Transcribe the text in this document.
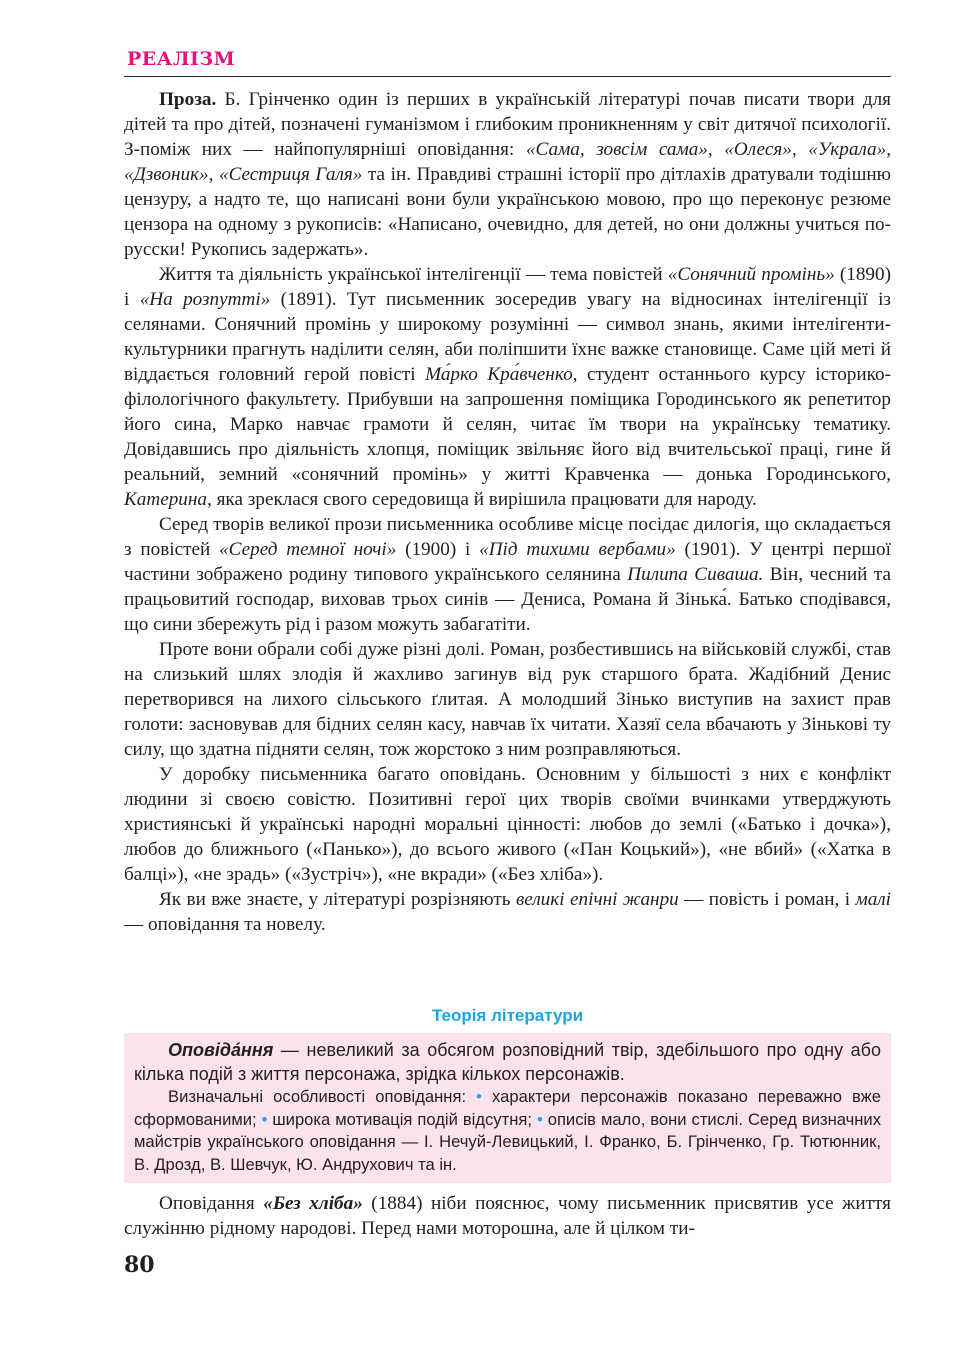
РЕАЛІЗМ

Проза. Б. Грінченко один із перших в українській літературі почав писати твори для дітей та про дітей, позначені гуманізмом і глибоким проникненням у світ дитячої психології. З-поміж них — найпопулярніші оповідання: «Сама, зовсім сама», «Олеся», «Украла», «Дзвоник», «Сестриця Галя» та ін. Правдиві страшні історії про дітлахів дратували тодішню цензуру, а надто те, що написані вони були українською мовою, про що переконує резюме цензора на одному з рукописів: «Написано, очевидно, для детей, но они должны учиться по-русски! Рукопись задержать».

Життя та діяльність української інтелігенції — тема повістей «Сонячний промінь» (1890) і «На розпутті» (1891). Тут письменник зосередив увагу на відносинах інтелігенції із селянами. Сонячний промінь у широкому розумінні — символ знань, якими інтелігенти-культурники прагнуть наділити селян, аби поліпшити їхнє важке становище. Саме цій меті й віддається головний герой повісті Ма́рко Кра́вченко, студент останнього курсу історико-філологічного факультету. Прибувши на запрошення поміщика Городинського як репетитор його сина, Марко навчає грамоти й селян, читає їм твори на українську тематику. Довідавшись про діяльність хлопця, поміщик звільняє його від вчительської праці, гине й реальний, земний «сонячний промінь» у житті Кравченка — донька Городинського, Катерина, яка зреклася свого середовища й вирішила працювати для народу.

Серед творів великої прози письменника особливе місце посідає дилогія, що складається з повістей «Серед темної ночі» (1900) і «Під тихими вербами» (1901). У центрі першої частини зображено родину типового українського селянина Пилипа Сиваша. Він, чесний та працьовитий господар, виховав трьох синів — Дениса, Романа й Зінька́. Батько сподівався, що сини збережуть рід і разом можуть забагатіти.

Проте вони обрали собі дуже різні долі. Роман, розбестившись на військовій службі, став на слизький шлях злодія й жахливо загинув від рук старшого брата. Жадібний Денис перетворився на лихого сільського ґлитая. А молодший Зінько виступив на захист прав голоти: засновував для бідних селян касу, навчав їх читати. Хазяї села вбачають у Зінькові ту силу, що здатна підняти селян, тож жорстоко з ним розправляються.

У доробку письменника багато оповідань. Основним у більшості з них є конфлікт людини зі своєю совістю. Позитивні герої цих творів своїми вчинками утверджують християнські й українські народні моральні цінності: любов до землі («Батько і дочка»), любов до ближнього («Панько»), до всього живого («Пан Коцький»), «не вбий» («Хатка в балці»), «не зрадь» («Зустріч»), «не вкради» («Без хліба»).

Як ви вже знаєте, у літературі розрізняють великі епічні жанри — повість і роман, і малі — оповідання та новелу.

Теорія літератури

Оповіда́ння — невеликий за обсягом розповідний твір, здебільшого про одну або кілька подій з життя персонажа, зрідка кількох персонажів.

Визначальні особливості оповідання: • характери персонажів показано переважно вже сформованими; • широка мотивація подій відсутня; • описів мало, вони стислі. Серед визначних майстрів українського оповідання — І. Нечуй-Левицький, І. Франко, Б. Грінченко, Гр. Тютюнник, В. Дрозд, В. Шевчук, Ю. Андрухович та ін.

Оповідання «Без хліба» (1884) ніби пояснює, чому письменник присвятив усе життя служінню рідному народові. Перед нами моторошна, але й цілком ти-

80
